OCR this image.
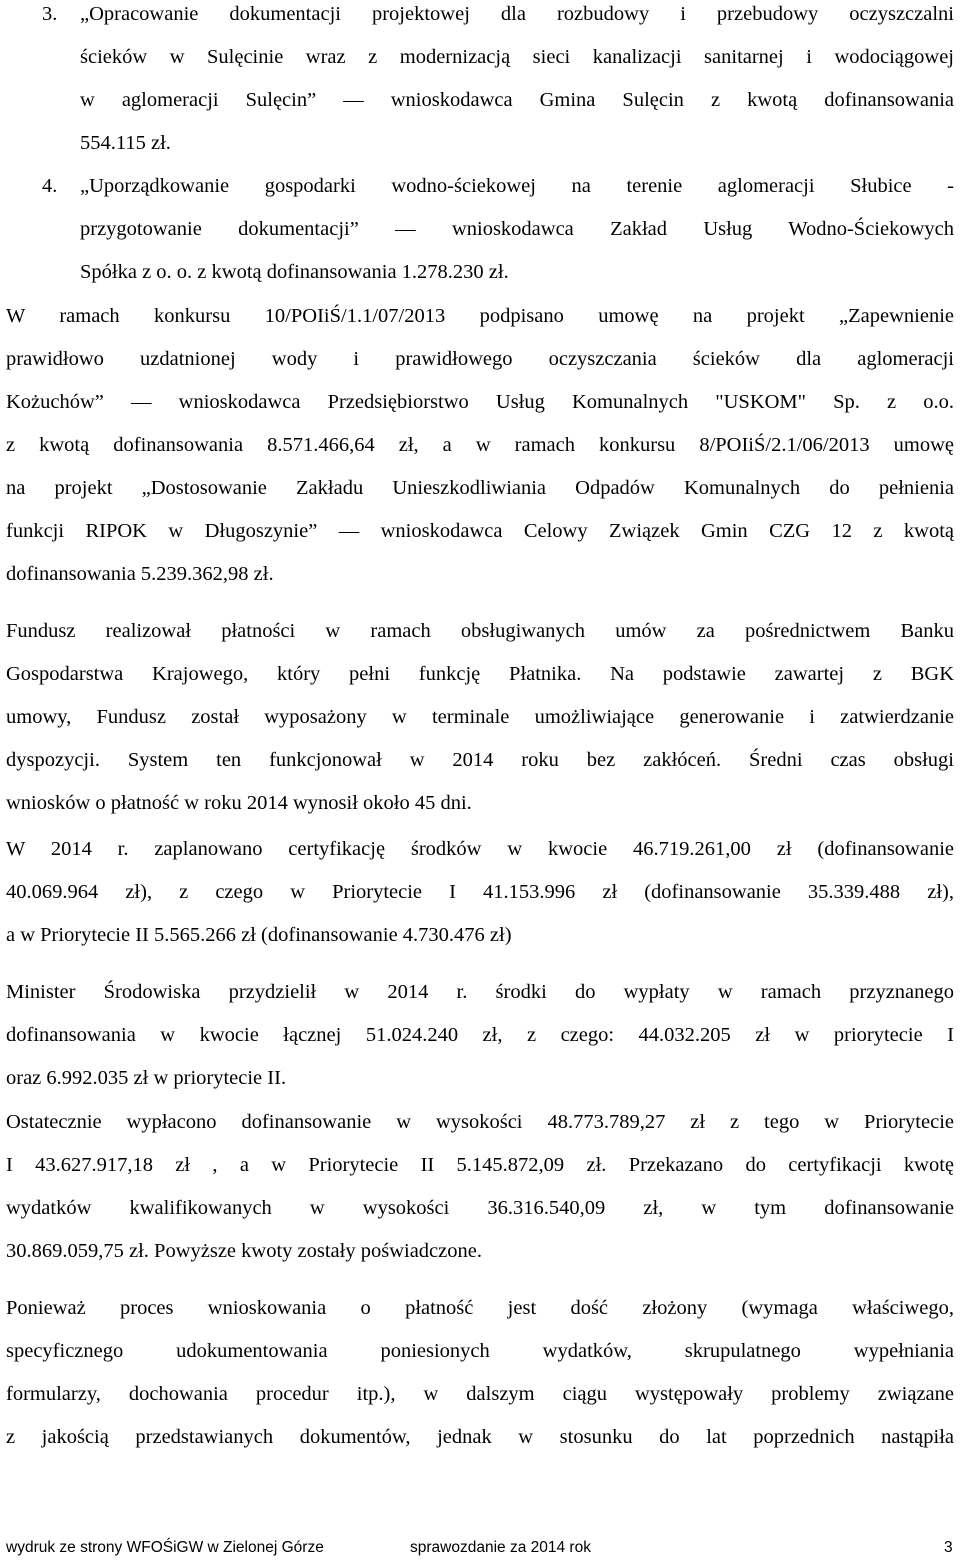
3.	„Opracowanie dokumentacji projektowej dla rozbudowy i przebudowy oczyszczalni
ścieków w Sulęcinie wraz z modernizacją sieci kanalizacji sanitarnej i wodociągowej
w aglomeracji Sulęcin” — wnioskodawca Gmina Sulęcin z kwotą dofinansowania
554.115 zł.
4.	„Uporządkowanie gospodarki wodno-ściekowej na terenie aglomeracji Słubice -
przygotowanie dokumentacji” — wnioskodawca Zakład Usług Wodno-Ściekowych
Spółka z o. o. z kwotą dofinansowania 1.278.230 zł.
W ramach konkursu 10/POIiŚ/1.1/07/2013 podpisano umowę na projekt „Zapewnienie
prawidłowo uzdatnionej wody i prawidłowego oczyszczania ścieków dla aglomeracji
Kożuchów” — wnioskodawca Przedsiębiorstwo Usług Komunalnych "USKOM" Sp. z o.o.
z kwotą dofinansowania 8.571.466,64 zł, a w ramach konkursu 8/POIiŚ/2.1/06/2013 umowę
na projekt „Dostosowanie Zakładu Unieszkodliwiania Odpadów Komunalnych do pełnienia
funkcji RIPOK w Długoszynie” — wnioskodawca Celowy Związek Gmin CZG 12 z kwotą
dofinansowania 5.239.362,98 zł.
Fundusz realizował płatności w ramach obsługiwanych umów za pośrednictwem Banku
Gospodarstwa Krajowego, który pełni funkcję Płatnika. Na podstawie zawartej z BGK
umowy, Fundusz został wyposażony w terminale umożliwiające generowanie i zatwierdzanie
dyspozycji. System ten funkcjonował w 2014 roku bez zakłóceń. Średni czas obsługi
wniosków o płatność w roku 2014 wynosił około 45 dni.
W 2014 r. zaplanowano certyfikację środków w kwocie 46.719.261,00 zł (dofinansowanie
40.069.964 zł), z czego w Priorytecie I 41.153.996 zł (dofinansowanie 35.339.488 zł),
a w Priorytecie II 5.565.266 zł (dofinansowanie 4.730.476 zł)
Minister Środowiska przydzielił w 2014 r. środki do wypłaty w ramach przyznanego
dofinansowania w kwocie łącznej 51.024.240 zł, z czego: 44.032.205 zł w priorytecie I
oraz 6.992.035 zł w priorytecie II.
Ostatecznie wypłacono dofinansowanie w wysokości 48.773.789,27 zł z tego w Priorytecie
I 43.627.917,18 zł , a w Priorytecie II 5.145.872,09 zł. Przekazano do certyfikacji kwotę
wydatków kwalifikowanych w wysokości 36.316.540,09 zł, w tym dofinansowanie
30.869.059,75 zł. Powyższe kwoty zostały poświadczone.
Ponieważ proces wnioskowania o płatność jest dość złożony (wymaga właściwego,
specyficznego udokumentowania poniesionych wydatków, skrupulatnego wypełniania
formularzy, dochowania procedur itp.), w dalszym ciągu występowały problemy związane
z jakością przedstawianych dokumentów, jednak w stosunku do lat poprzednich nastąpiła
wydruk ze strony WFOŚiGW w Zielonej Górze	sprawozdanie za 2014 rok	3
